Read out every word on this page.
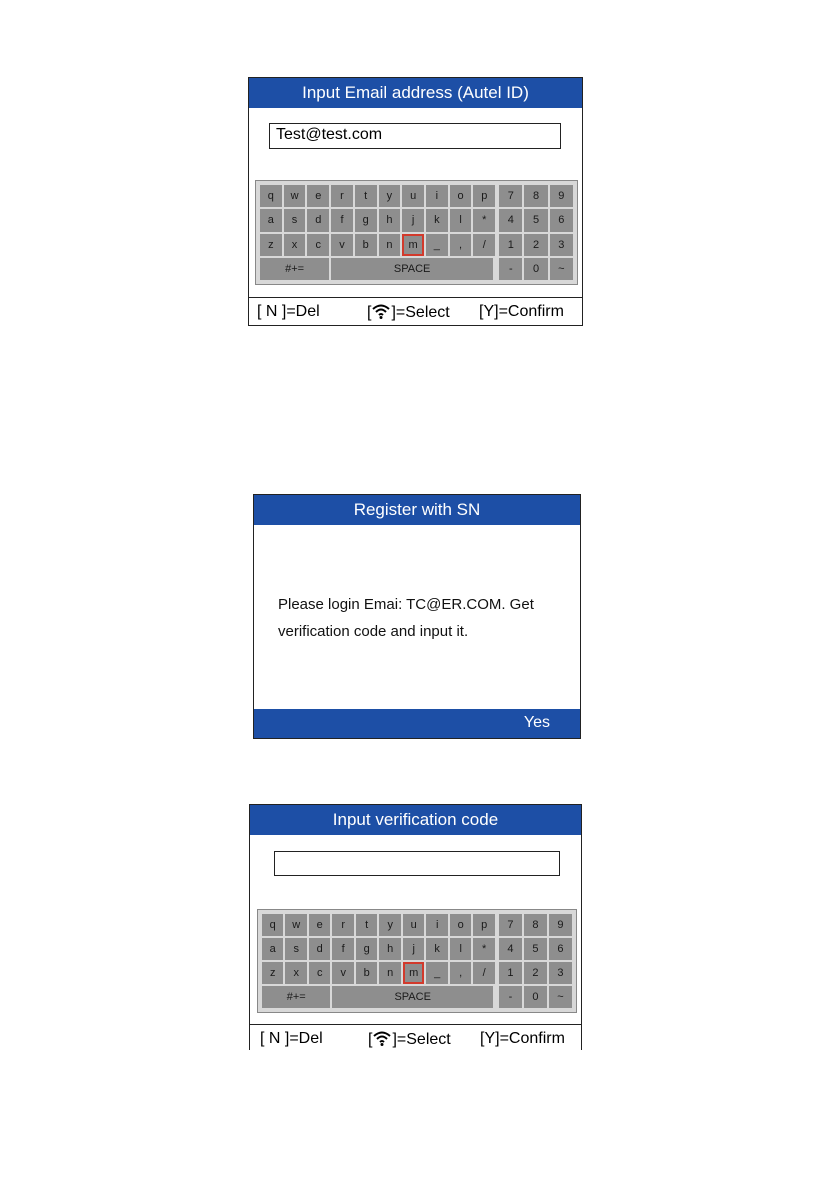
Input Email address (Autel ID)
Test@test.com
q	w	e	r	t	y	u	i	o	p
a	s	d	f	g	h	j	k	l	*
z	x	c	v	b	n	m	_	,	/
#+=	SPACE
7	8	9
4	5	6
1	2	3
-	0	~
[ N ]=Del	[ ]=Select [Y]=Confirm
Register with SN
Please login Emai: TC@ER.COM. Get
verification code and input it.
Yes
Input verification code
q	w	e	r	t	y	u	i	o	p
a	s	d	f	g	h	j	k	l	*
z	x	c	v	b	n	m	_	,	/
#+=	SPACE
7	8	9
4	5	6
1	2	3
-	0	~
[ N ]=Del	[ ]=Select [Y]=Confirm
